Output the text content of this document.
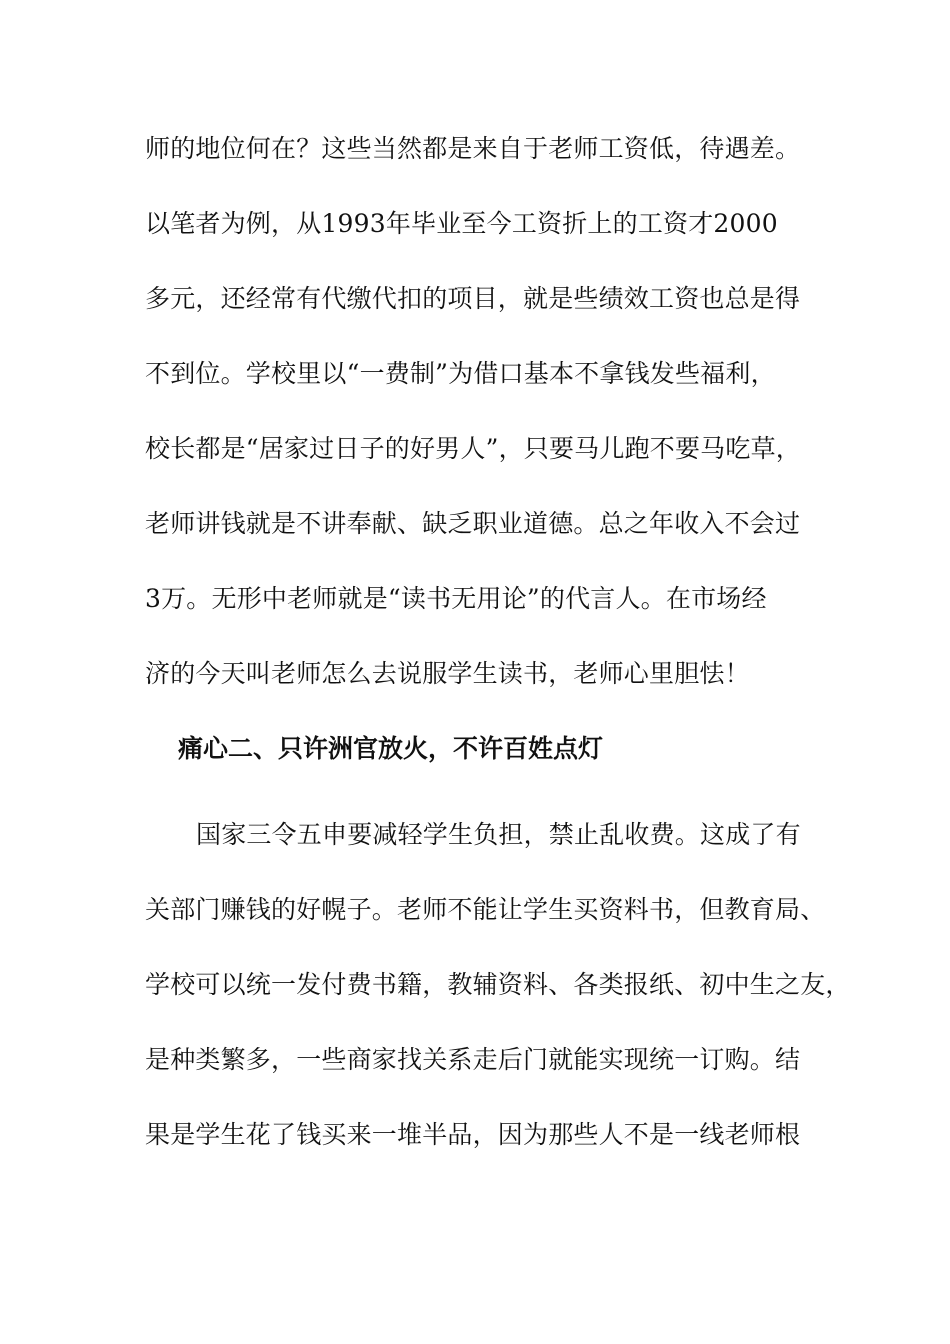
师的地位何在？这些当然都是来自于老师工资低，待遇差。
以笔者为例，从1993年毕业至今工资折上的工资才2000
多元，还经常有代缴代扣的项目，就是些绩效工资也总是得
不到位。学校里以“一费制”为借口基本不拿钱发些福利，
校长都是“居家过日子的好男人”，只要马儿跑不要马吃草，
老师讲钱就是不讲奉献、缺乏职业道德。总之年收入不会过
3万。无形中老师就是“读书无用论”的代言人。在市场经
济的今天叫老师怎么去说服学生读书，老师心里胆怯！
痛心二、只许洲官放火，不许百姓点灯
国家三令五申要减轻学生负担，禁止乱收费。这成了有
关部门赚钱的好幌子。老师不能让学生买资料书，但教育局、
学校可以统一发付费书籍，教辅资料、各类报纸、初中生之友，
是种类繁多，一些商家找关系走后门就能实现统一订购。结
果是学生花了钱买来一堆半品，因为那些人不是一线老师根
